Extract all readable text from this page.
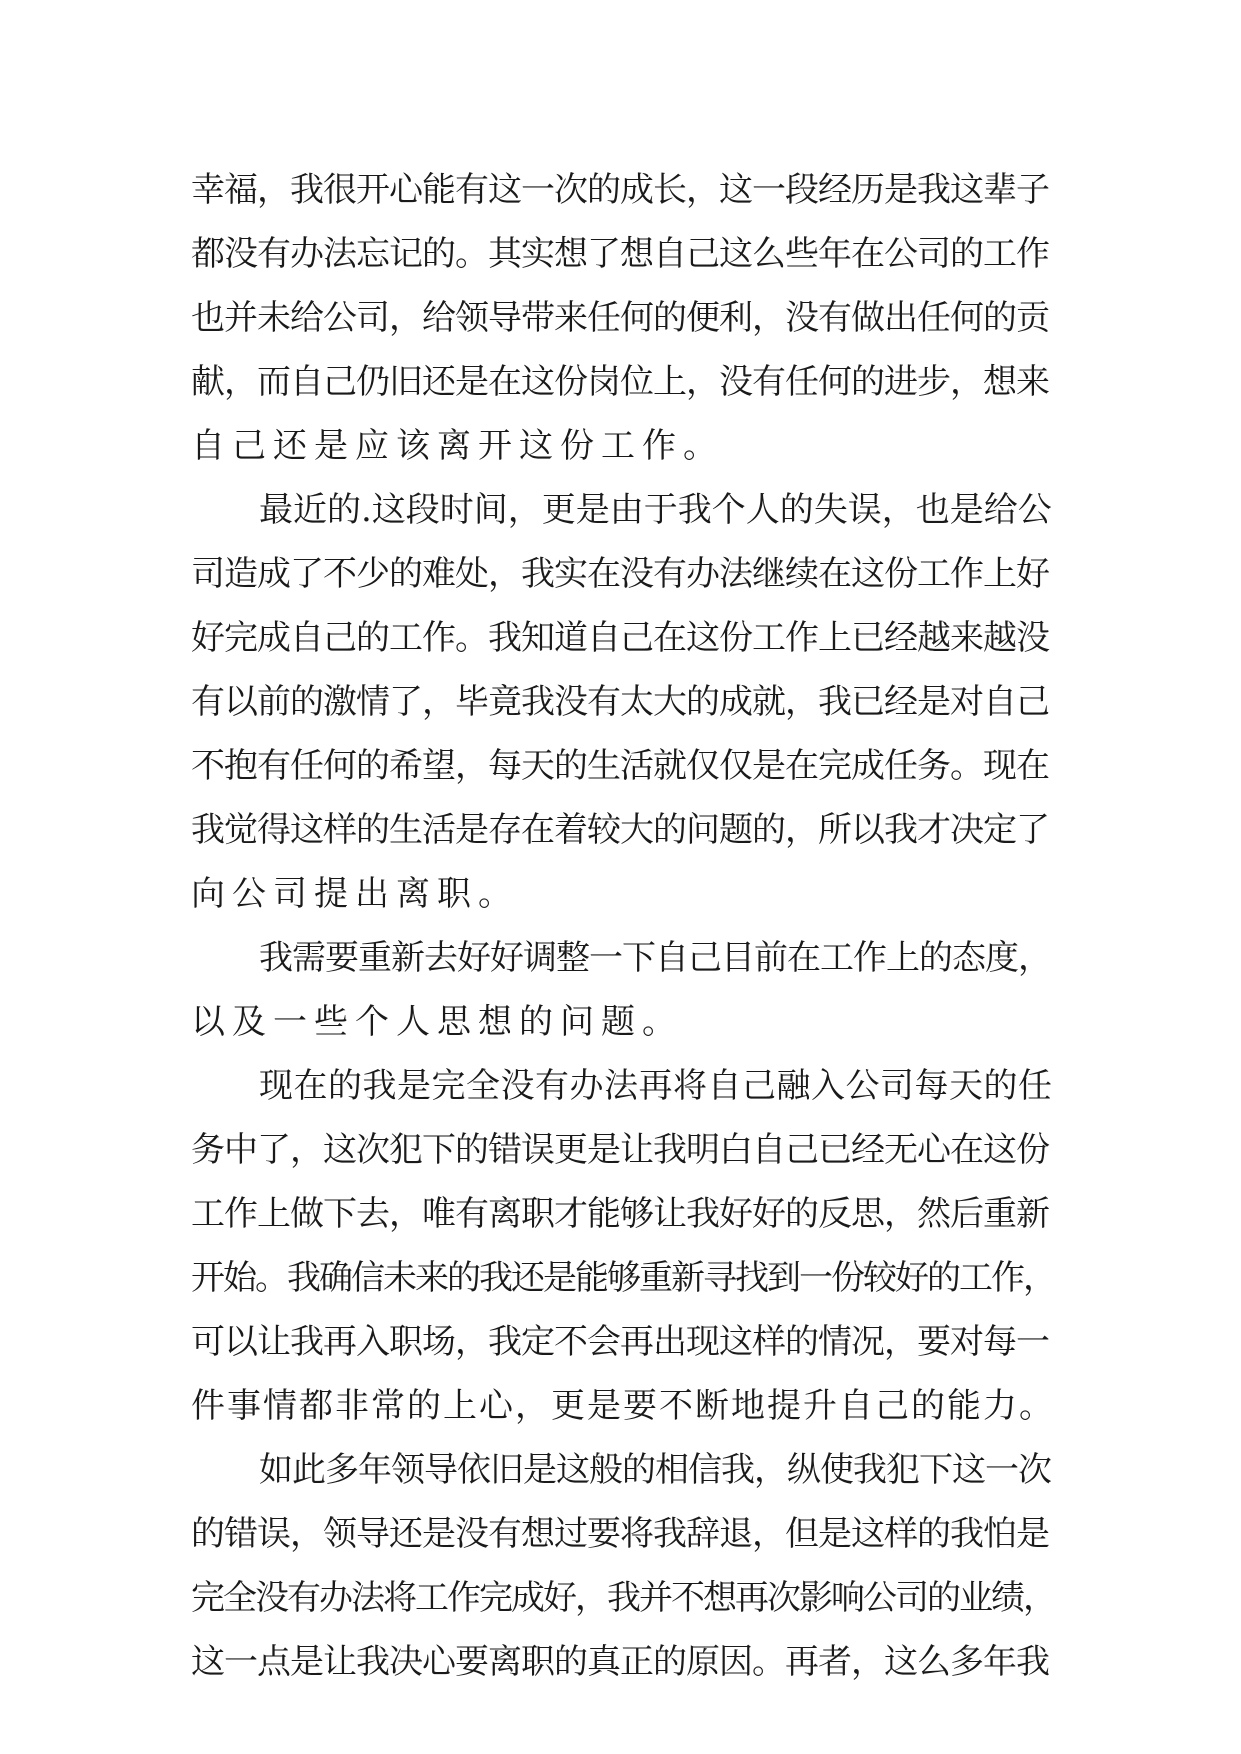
幸福，我很开心能有这一次的成长，这一段经历是我这辈子
都没有办法忘记的。其实想了想自己这么些年在公司的工作
也并未给公司，给领导带来任何的便利，没有做出任何的贡
献，而自己仍旧还是在这份岗位上，没有任何的进步，想来
自己还是应该离开这份工作。
最近的.这段时间，更是由于我个人的失误，也是给公
司造成了不少的难处，我实在没有办法继续在这份工作上好
好完成自己的工作。我知道自己在这份工作上已经越来越没
有以前的激情了，毕竟我没有太大的成就，我已经是对自己
不抱有任何的希望，每天的生活就仅仅是在完成任务。现在
我觉得这样的生活是存在着较大的问题的，所以我才决定了
向公司提出离职。
我需要重新去好好调整一下自己目前在工作上的态度，
以及一些个人思想的问题。
现在的我是完全没有办法再将自己融入公司每天的任
务中了，这次犯下的错误更是让我明白自己已经无心在这份
工作上做下去，唯有离职才能够让我好好的反思，然后重新
开始。我确信未来的我还是能够重新寻找到一份较好的工作，
可以让我再入职场，我定不会再出现这样的情况，要对每一
件事情都非常的上心，更是要不断地提升自己的能力。
如此多年领导依旧是这般的相信我，纵使我犯下这一次
的错误，领导还是没有想过要将我辞退，但是这样的我怕是
完全没有办法将工作完成好，我并不想再次影响公司的业绩，
这一点是让我决心要离职的真正的原因。再者，这么多年我
